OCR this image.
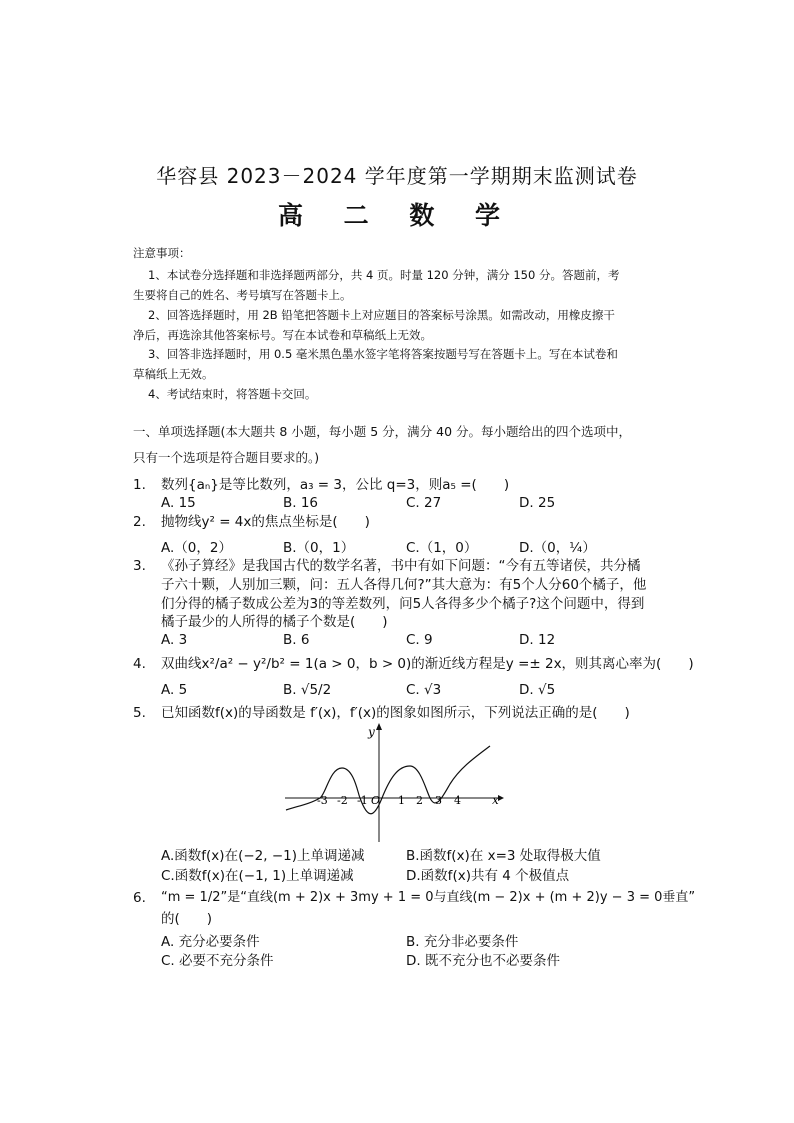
华容县 2023－2024 学年度第一学期期末监测试卷
高 二 数 学
注意事项：
1、本试卷分选择题和非选择题两部分，共 4 页。时量 120 分钟，满分 150 分。答题前，考
生要将自己的姓名、考号填写在答题卡上。
2、回答选择题时，用 2B 铅笔把答题卡上对应题目的答案标号涂黑。如需改动，用橡皮擦干
净后，再选涂其他答案标号。写在本试卷和草稿纸上无效。
3、回答非选择题时，用 0.5 毫米黑色墨水签字笔将答案按题号写在答题卡上。写在本试卷和
草稿纸上无效。
4、考试结束时，将答题卡交回。
一、单项选择题(本大题共 8 小题，每小题 5 分，满分 40 分。每小题给出的四个选项中，
只有一个选项是符合题目要求的。)
1. 数列{aₙ}是等比数列，a₃ = 3，公比 q=3，则a₅ =(　　)
A. 15	B. 16	C. 27	D. 25
2. 抛物线y² = 4x的焦点坐标是(　　)
A.（0，2）	B.（0，1）	C.（1，0）	D.（0，¼）
3. 《孙子算经》是我国古代的数学名著，书中有如下问题：“今有五等诸侯，共分橘
子六十颗，人别加三颗，问：五人各得几何?”其大意为：有5个人分60个橘子，他
们分得的橘子数成公差为3的等差数列，问5人各得多少个橘子?这个问题中，得到
橘子最少的人所得的橘子个数是(　　)
A. 3	B. 6	C. 9	D. 12
4. 双曲线x²/a² − y²/b² = 1(a > 0，b > 0)的渐近线方程是y =± 2x，则其离心率为(　　)
A. 5	B. √5/2	C. √3	D. √5
5. 已知函数f(x)的导函数是 f′(x)，f′(x)的图象如图所示，下列说法正确的是(　　)
-3 -2 -1 O 1 2 3 4
y
x
A.函数f(x)在(−2, −1)上单调递减	B.函数f(x)在 x=3 处取得极大值
C.函数f(x)在(−1, 1)上单调递减	D.函数f(x)共有 4 个极值点
6. “m = 1/2”是“直线(m + 2)x + 3my + 1 = 0与直线(m − 2)x + (m + 2)y − 3 = 0垂直”
的(　　)
A. 充分必要条件	B. 充分非必要条件
C. 必要不充分条件	D. 既不充分也不必要条件
